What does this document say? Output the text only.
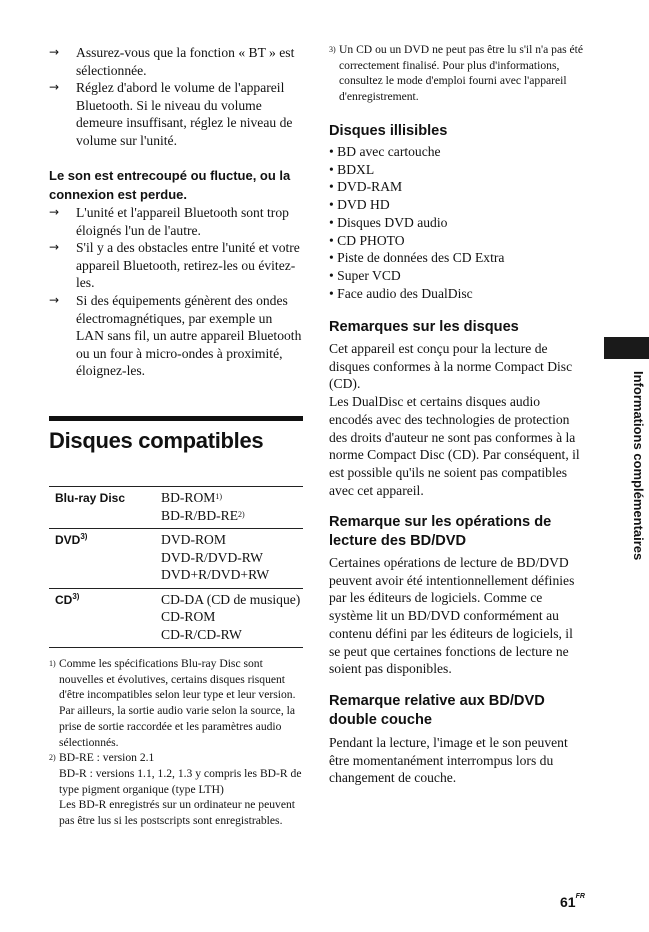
→ Assurez-vous que la fonction « BT » est sélectionnée.
→ Réglez d'abord le volume de l'appareil Bluetooth. Si le niveau du volume demeure insuffisant, réglez le niveau de volume sur l'unité.
Le son est entrecoupé ou fluctue, ou la connexion est perdue.
→ L'unité et l'appareil Bluetooth sont trop éloignés l'un de l'autre.
→ S'il y a des obstacles entre l'unité et votre appareil Bluetooth, retirez-les ou évitez-les.
→ Si des équipements génèrent des ondes électromagnétiques, par exemple un LAN sans fil, un autre appareil Bluetooth ou un four à micro-ondes à proximité, éloignez-les.
Disques compatibles
Blu-ray Disc	BD-ROM$^{1)}$
BD-R/BD-RE$^{2)}$
DVD$^{3)}$	DVD-ROM
DVD-R/DVD-RW
DVD+R/DVD+RW
CD$^{3)}$	CD-DA (CD de musique)
CD-ROM
CD-R/CD-RW
1) Comme les spécifications Blu-ray Disc sont nouvelles et évolutives, certains disques risquent d'être incompatibles selon leur type et leur version. Par ailleurs, la sortie audio varie selon la source, la prise de sortie raccordée et les paramètres audio sélectionnés.
2) BD-RE : version 2.1
BD-R : versions 1.1, 1.2, 1.3 y compris les BD-R de type pigment organique (type LTH)
Les BD-R enregistrés sur un ordinateur ne peuvent pas être lus si les postscripts sont enregistrables.
3) Un CD ou un DVD ne peut pas être lu s'il n'a pas été correctement finalisé. Pour plus d'informations, consultez le mode d'emploi fourni avec l'appareil d'enregistrement.
Disques illisibles
• BD avec cartouche
• BDXL
• DVD-RAM
• DVD HD
• Disques DVD audio
• CD PHOTO
• Piste de données des CD Extra
• Super VCD
• Face audio des DualDisc
Remarques sur les disques
Cet appareil est conçu pour la lecture de disques conformes à la norme Compact Disc (CD).
Les DualDisc et certains disques audio encodés avec des technologies de protection des droits d'auteur ne sont pas conformes à la norme Compact Disc (CD). Par conséquent, il est possible qu'ils ne soient pas compatibles avec cet appareil.
Remarque sur les opérations de lecture des BD/DVD
Certaines opérations de lecture de BD/DVD peuvent avoir été intentionnellement définies par les éditeurs de logiciels. Comme ce système lit un BD/DVD conformément au contenu défini par les éditeurs de logiciels, il se peut que certaines fonctions de lecture ne soient pas disponibles.
Remarque relative aux BD/DVD double couche
Pendant la lecture, l'image et le son peuvent être momentanément interrompus lors du changement de couche.
Informations complémentaires
$61^{FR}$
